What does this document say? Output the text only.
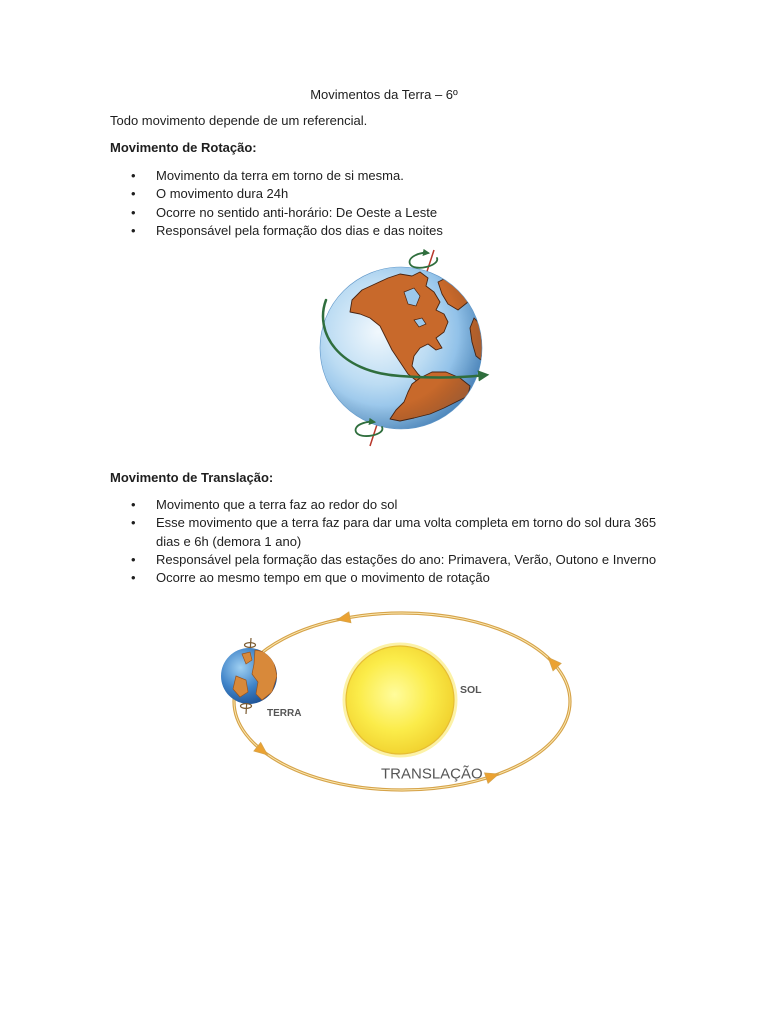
Movimentos da Terra – 6º
Todo movimento depende de um referencial.
Movimento de Rotação:
• Movimento da terra em torno de si mesma.
• O movimento dura 24h
• Ocorre no sentido anti-horário: De Oeste a Leste
• Responsável pela formação dos dias e das noites
Movimento de Translação:
• Movimento que a terra faz ao redor do sol
• Esse movimento que a terra faz para dar uma volta completa em torno do sol dura 365 dias e 6h (demora 1 ano)
• Responsável pela formação das estações do ano: Primavera, Verão, Outono e Inverno
• Ocorre ao mesmo tempo em que o movimento de rotação
SOL
TERRA
TRANSLAÇÃO
